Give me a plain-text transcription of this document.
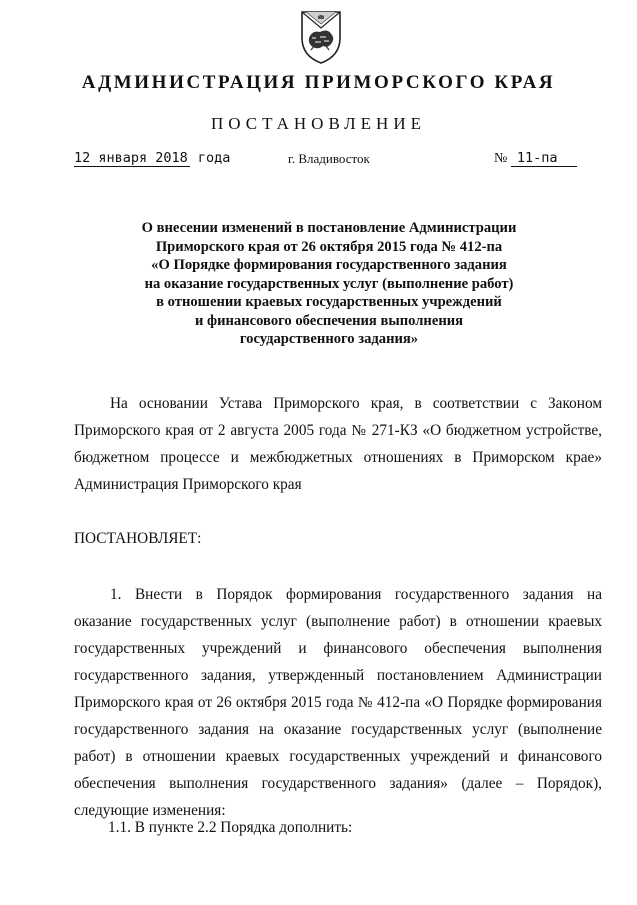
АДМИНИСТРАЦИЯ ПРИМОРСКОГО КРАЯ
ПОСТАНОВЛЕНИЕ
12 января 2018 года	г. Владивосток	№ 11-па
О внесении изменений в постановление Администрации
Приморского края от 26 октября 2015 года № 412-па
«О Порядке формирования государственного задания
на оказание государственных услуг (выполнение работ)
в отношении краевых государственных учреждений
и финансового обеспечения выполнения
государственного задания»
На основании Устава Приморского края, в соответствии с Законом
Приморского края от 2 августа 2005 года № 271-КЗ «О бюджетном устройстве,
бюджетном процессе и межбюджетных отношениях в Приморском крае»
Администрация Приморского края
ПОСТАНОВЛЯЕТ:
1. Внести в Порядок формирования государственного задания на
оказание государственных услуг (выполнение работ) в отношении краевых
государственных учреждений и финансового обеспечения выполнения
государственного задания, утвержденный постановлением Администрации
Приморского края от 26 октября 2015 года № 412-па «О Порядке формирования
государственного задания на оказание государственных услуг (выполнение
работ) в отношении краевых государственных учреждений и финансового
обеспечения выполнения государственного задания» (далее – Порядок),
следующие изменения:
1.1. В пункте 2.2 Порядка дополнить:
